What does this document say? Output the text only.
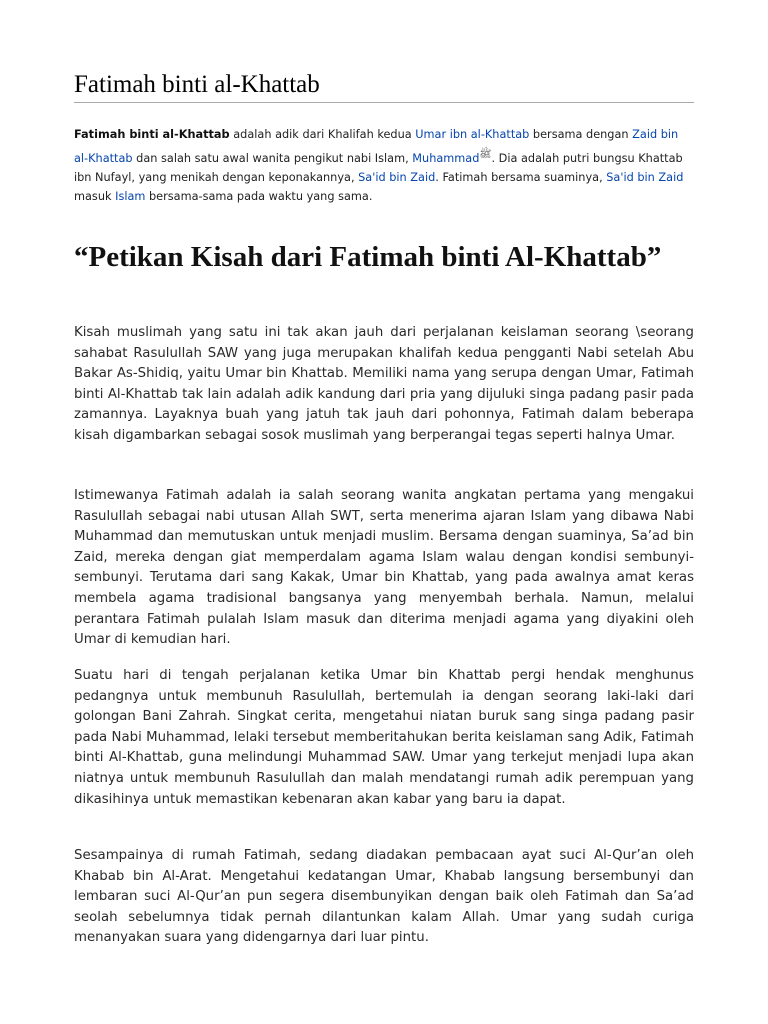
Fatimah binti al-Khattab

Fatimah binti al-Khattab adalah adik dari Khalifah kedua Umar ibn al-Khattab bersama dengan Zaid bin al-Khattab dan salah satu awal wanita pengikut nabi Islam, Muhammadﷺ. Dia adalah putri bungsu Khattab ibn Nufayl, yang menikah dengan keponakannya, Sa'id bin Zaid. Fatimah bersama suaminya, Sa'id bin Zaid masuk Islam bersama-sama pada waktu yang sama.

“Petikan Kisah dari Fatimah binti Al-Khattab”

Kisah muslimah yang satu ini tak akan jauh dari perjalanan keislaman seorang \seorang sahabat Rasulullah SAW yang juga merupakan khalifah kedua pengganti Nabi setelah Abu Bakar As-Shidiq, yaitu Umar bin Khattab. Memiliki nama yang serupa dengan Umar, Fatimah binti Al-Khattab tak lain adalah adik kandung dari pria yang dijuluki singa padang pasir pada zamannya. Layaknya buah yang jatuh tak jauh dari pohonnya, Fatimah dalam beberapa kisah digambarkan sebagai sosok muslimah yang berperangai tegas seperti halnya Umar.

Istimewanya Fatimah adalah ia salah seorang wanita angkatan pertama yang mengakui Rasulullah sebagai nabi utusan Allah SWT, serta menerima ajaran Islam yang dibawa Nabi Muhammad dan memutuskan untuk menjadi muslim. Bersama dengan suaminya, Sa’ad bin Zaid, mereka dengan giat memperdalam agama Islam walau dengan kondisi sembunyi-sembunyi. Terutama dari sang Kakak, Umar bin Khattab, yang pada awalnya amat keras membela agama tradisional bangsanya yang menyembah berhala. Namun, melalui perantara Fatimah pulalah Islam masuk dan diterima menjadi agama yang diyakini oleh Umar di kemudian hari.

Suatu hari di tengah perjalanan ketika Umar bin Khattab pergi hendak menghunus pedangnya untuk membunuh Rasulullah, bertemulah ia dengan seorang laki-laki dari golongan Bani Zahrah. Singkat cerita, mengetahui niatan buruk sang singa padang pasir pada Nabi Muhammad, lelaki tersebut memberitahukan berita keislaman sang Adik, Fatimah binti Al-Khattab, guna melindungi Muhammad SAW. Umar yang terkejut menjadi lupa akan niatnya untuk membunuh Rasulullah dan malah mendatangi rumah adik perempuan yang dikasihinya untuk memastikan kebenaran akan kabar yang baru ia dapat.

Sesampainya di rumah Fatimah, sedang diadakan pembacaan ayat suci Al-Qur’an oleh Khabab bin Al-Arat. Mengetahui kedatangan Umar, Khabab langsung bersembunyi dan lembaran suci Al-Qur’an pun segera disembunyikan dengan baik oleh Fatimah dan Sa’ad seolah sebelumnya tidak pernah dilantunkan kalam Allah. Umar yang sudah curiga menanyakan suara yang didengarnya dari luar pintu.
